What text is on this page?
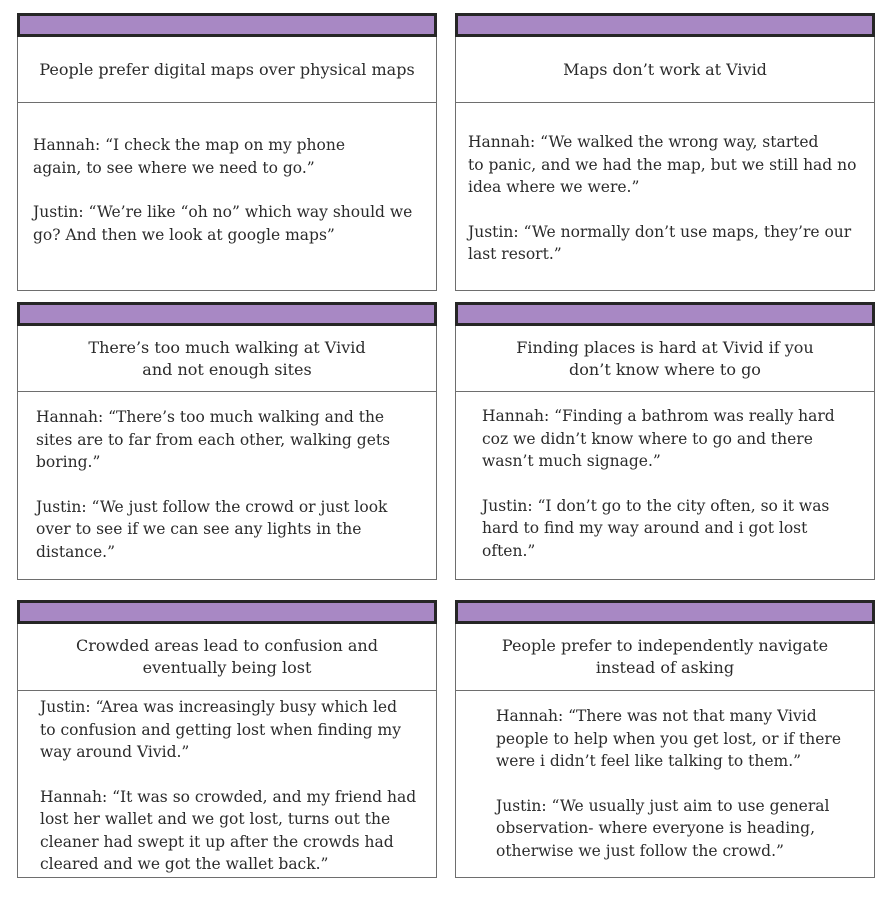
People prefer digital maps over physical maps

Hannah: “I check the map on my phone
again, to see where we need to go.”

Justin: “We’re like “oh no” which way should we
go? And then we look at google maps”

Maps don’t work at Vivid

Hannah: “We walked the wrong way, started
to panic, and we had the map, but we still had no
idea where we were.”

Justin: “We normally don’t use maps, they’re our
last resort.”

There’s too much walking at Vivid
and not enough sites

Hannah: “There’s too much walking and the
sites are to far from each other, walking gets
boring.”

Justin: “We just follow the crowd or just look
over to see if we can see any lights in the
distance.”

Finding places is hard at Vivid if you
don’t know where to go

Hannah: “Finding a bathrom was really hard
coz we didn’t know where to go and there
wasn’t much signage.”

Justin: “I don’t go to the city often, so it was
hard to find my way around and i got lost
often.”

Crowded areas lead to confusion and
eventually being lost

Justin: “Area was increasingly busy which led
to confusion and getting lost when finding my
way around Vivid.”

Hannah: “It was so crowded, and my friend had
lost her wallet and we got lost, turns out the
cleaner had swept it up after the crowds had
cleared and we got the wallet back.”

People prefer to independently navigate
instead of asking

Hannah: “There was not that many Vivid
people to help when you get lost, or if there
were i didn’t feel like talking to them.”

Justin: “We usually just aim to use general
observation- where everyone is heading,
otherwise we just follow the crowd.”
